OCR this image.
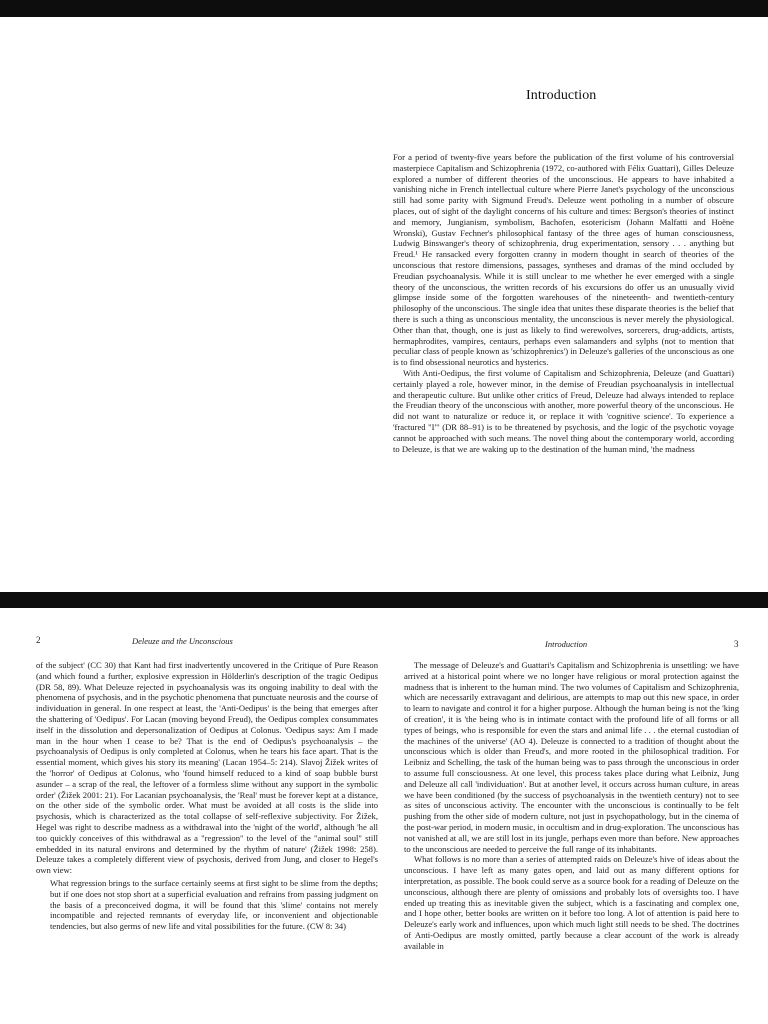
Introduction

For a period of twenty-five years before the publication of the first volume of his controversial masterpiece Capitalism and Schizophrenia (1972, co-authored with Félix Guattari), Gilles Deleuze explored a number of different theories of the unconscious. He appears to have inhabited a vanishing niche in French intellectual culture where Pierre Janet's psychology of the unconscious still had some parity with Sigmund Freud's. Deleuze went potholing in a number of obscure places, out of sight of the daylight concerns of his culture and times: Bergson's theories of instinct and memory, Jungianism, symbolism, Bachofen, esotericism (Johann Malfatti and Hoëne Wronski), Gustav Fechner's philosophical fantasy of the three ages of human consciousness, Ludwig Binswanger's theory of schizophrenia, drug experimentation, sensory . . . anything but Freud.¹ He ransacked every forgotten cranny in modern thought in search of theories of the unconscious that restore dimensions, passages, syntheses and dramas of the mind occluded by Freudian psychoanalysis. While it is still unclear to me whether he ever emerged with a single theory of the unconscious, the written records of his excursions do offer us an unusually vivid glimpse inside some of the forgotten warehouses of the nineteenth- and twentieth-century philosophy of the unconscious. The single idea that unites these disparate theories is the belief that there is such a thing as unconscious mentality, the unconscious is never merely the physiological. Other than that, though, one is just as likely to find werewolves, sorcerers, drug-addicts, artists, hermaphrodites, vampires, centaurs, perhaps even salamanders and sylphs (not to mention that peculiar class of people known as 'schizophrenics') in Deleuze's galleries of the unconscious as one is to find obsessional neurotics and hysterics.

With Anti-Oedipus, the first volume of Capitalism and Schizophrenia, Deleuze (and Guattari) certainly played a role, however minor, in the demise of Freudian psychoanalysis in intellectual and therapeutic culture. But unlike other critics of Freud, Deleuze had always intended to replace the Freudian theory of the unconscious with another, more powerful theory of the unconscious. He did not want to naturalize or reduce it, or replace it with 'cognitive science'. To experience a 'fractured "I"' (DR 88–91) is to be threatened by psychosis, and the logic of the psychotic voyage cannot be approached with such means. The novel thing about the contemporary world, according to Deleuze, is that we are waking up to the destination of the human mind, 'the madness

2	Deleuze and the Unconscious

of the subject' (CC 30) that Kant had first inadvertently uncovered in the Critique of Pure Reason (and which found a further, explosive expression in Hölderlin's description of the tragic Oedipus (DR 58, 89). What Deleuze rejected in psychoanalysis was its ongoing inability to deal with the phenomena of psychosis, and in the psychotic phenomena that punctuate neurosis and the course of individuation in general. In one respect at least, the 'Anti-Oedipus' is the being that emerges after the shattering of 'Oedipus'. For Lacan (moving beyond Freud), the Oedipus complex consummates itself in the dissolution and depersonalization of Oedipus at Colonus. 'Oedipus says: Am I made man in the hour when I cease to be? That is the end of Oedipus's psychoanalysis – the psychoanalysis of Oedipus is only completed at Colonus, when he tears his face apart. That is the essential moment, which gives his story its meaning' (Lacan 1954–5: 214). Slavoj Žižek writes of the 'horror' of Oedipus at Colonus, who 'found himself reduced to a kind of soap bubble burst asunder – a scrap of the real, the leftover of a formless slime without any support in the symbolic order' (Žižek 2001: 21). For Lacanian psychoanalysis, the 'Real' must be forever kept at a distance, on the other side of the symbolic order. What must be avoided at all costs is the slide into psychosis, which is characterized as the total collapse of self-reflexive subjectivity. For Žižek, Hegel was right to describe madness as a withdrawal into the 'night of the world', although 'he all too quickly conceives of this withdrawal as a "regression" to the level of the "animal soul" still embedded in its natural environs and determined by the rhythm of nature' (Žižek 1998: 258). Deleuze takes a completely different view of psychosis, derived from Jung, and closer to Hegel's own view:

What regression brings to the surface certainly seems at first sight to be slime from the depths; but if one does not stop short at a superficial evaluation and refrains from passing judgment on the basis of a preconceived dogma, it will be found that this 'slime' contains not merely incompatible and rejected remnants of everyday life, or inconvenient and objectionable tendencies, but also germs of new life and vital possibilities for the future. (CW 8: 34)
Introduction	3

The message of Deleuze's and Guattari's Capitalism and Schizophrenia is unsettling: we have arrived at a historical point where we no longer have religious or moral protection against the madness that is inherent to the human mind. The two volumes of Capitalism and Schizophrenia, which are necessarily extravagant and delirious, are attempts to map out this new space, in order to learn to navigate and control it for a higher purpose. Although the human being is not the 'king of creation', it is 'the being who is in intimate contact with the profound life of all forms or all types of beings, who is responsible for even the stars and animal life . . . the eternal custodian of the machines of the universe' (AO 4). Deleuze is connected to a tradition of thought about the unconscious which is older than Freud's, and more rooted in the philosophical tradition. For Leibniz and Schelling, the task of the human being was to pass through the unconscious in order to assume full consciousness. At one level, this process takes place during what Leibniz, Jung and Deleuze all call 'individuation'. But at another level, it occurs across human culture, in areas we have been conditioned (by the success of psychoanalysis in the twentieth century) not to see as sites of unconscious activity. The encounter with the unconscious is continually to be felt pushing from the other side of modern culture, not just in psychopathology, but in the cinema of the post-war period, in modern music, in occultism and in drug-exploration. The unconscious has not vanished at all, we are still lost in its jungle, perhaps even more than before. New approaches to the unconscious are needed to perceive the full range of its inhabitants.

What follows is no more than a series of attempted raids on Deleuze's hive of ideas about the unconscious. I have left as many gates open, and laid out as many different options for interpretation, as possible. The book could serve as a source book for a reading of Deleuze on the unconscious, although there are plenty of omissions and probably lots of oversights too. I have ended up treating this as inevitable given the subject, which is a fascinating and complex one, and I hope other, better books are written on it before too long. A lot of attention is paid here to Deleuze's early work and influences, upon which much light still needs to be shed. The doctrines of Anti-Oedipus are mostly omitted, partly because a clear account of the work is already available in
